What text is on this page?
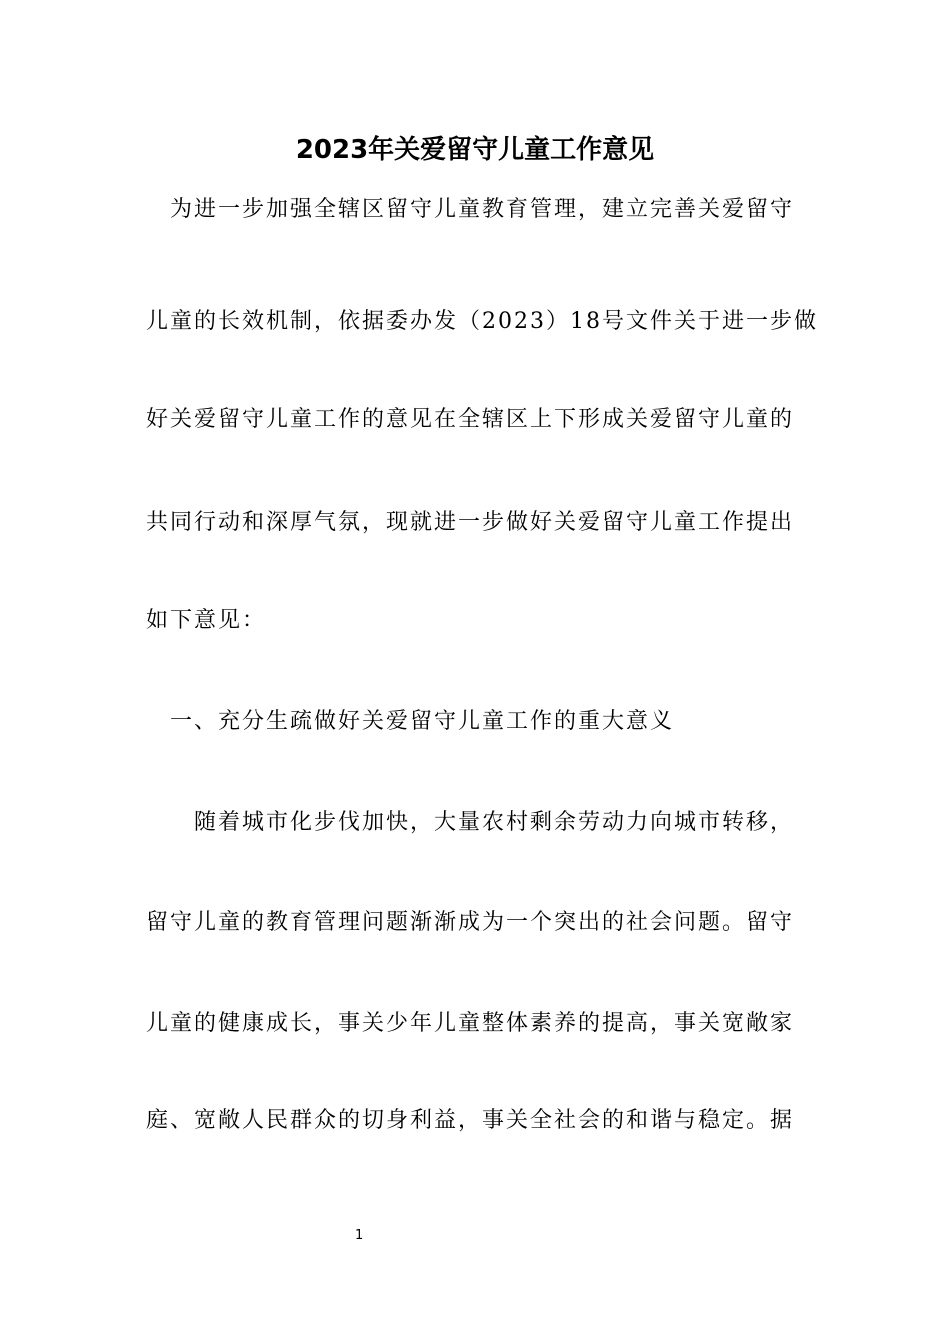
2023年关爱留守儿童工作意见
　为进一步加强全辖区留守儿童教育管理，建立完善关爱留守
儿童的长效机制，依据委办发（2023）18号文件关于进一步做
好关爱留守儿童工作的意见在全辖区上下形成关爱留守儿童的
共同行动和深厚气氛，现就进一步做好关爱留守儿童工作提出
如下意见：
　一、充分生疏做好关爱留守儿童工作的重大意义
　　随着城市化步伐加快，大量农村剩余劳动力向城市转移，
留守儿童的教育管理问题渐渐成为一个突出的社会问题。留守
儿童的健康成长，事关少年儿童整体素养的提高，事关宽敞家
庭、宽敞人民群众的切身利益，事关全社会的和谐与稳定。据
1
